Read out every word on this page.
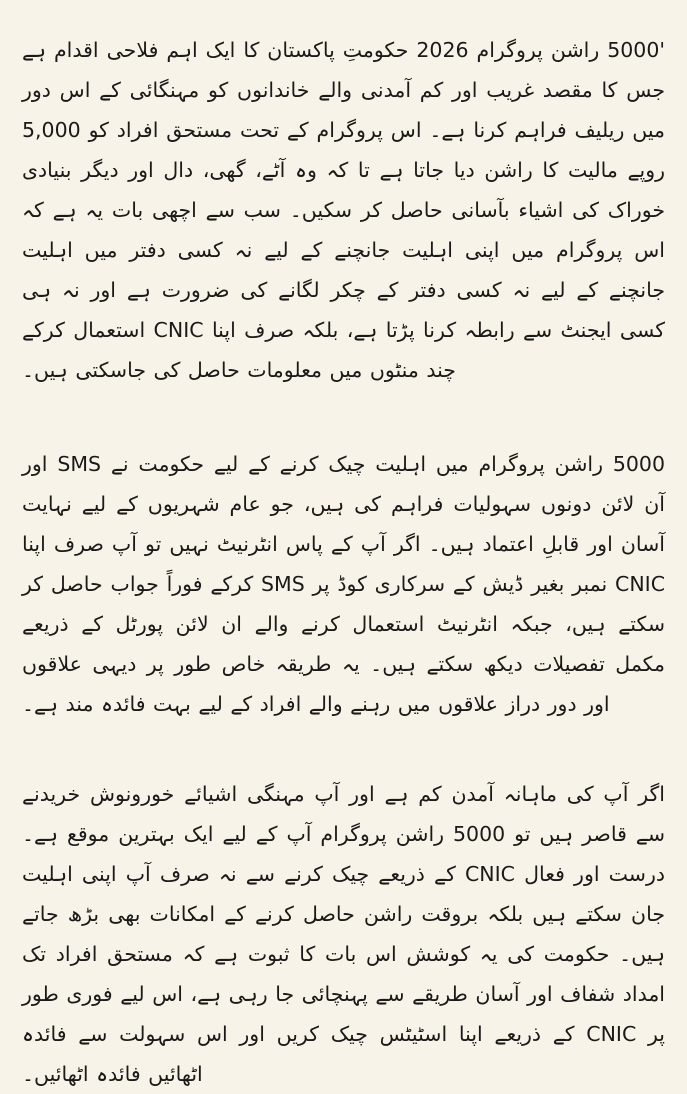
'5000 راشن پروگرام 2026 حکومتِ پاکستان کا ایک اہم فلاحی اقدام ہے جس کا مقصد غریب اور کم آمدنی والے خاندانوں کو مہنگائی کے اس دور میں ریلیف فراہم کرنا ہے۔ اس پروگرام کے تحت مستحق افراد کو 5,000 روپے مالیت کا راشن دیا جاتا ہے تا کہ وہ آٹے، گھی، دال اور دیگر بنیادی خوراک کی اشیاء بآسانی حاصل کر سکیں۔ سب سے اچھی بات یہ ہے کہ اس پروگرام میں اپنی اہلیت جانچنے کے لیے نہ کسی دفتر میں اہلیت جانچنے کے لیے نہ کسی دفتر کے چکر لگانے کی ضرورت ہے اور نہ ہی کسی ایجنٹ سے رابطہ کرنا پڑتا ہے، بلکہ صرف اپنا CNIC استعمال کرکے چند منٹوں میں معلومات حاصل کی جاسکتی ہیں۔

5000 راشن پروگرام میں اہلیت چیک کرنے کے لیے حکومت نے SMS اور آن لائن دونوں سہولیات فراہم کی ہیں، جو عام شہریوں کے لیے نہایت آسان اور قابلِ اعتماد ہیں۔ اگر آپ کے پاس انٹرنیٹ نہیں تو آپ صرف اپنا CNIC نمبر بغیر ڈیش کے سرکاری کوڈ پر SMS کرکے فوراً جواب حاصل کر سکتے ہیں، جبکہ انٹرنیٹ استعمال کرنے والے ان لائن پورٹل کے ذریعے مکمل تفصیلات دیکھ سکتے ہیں۔ یہ طریقہ خاص طور پر دیہی علاقوں اور دور دراز علاقوں میں رہنے والے افراد کے لیے بہت فائدہ مند ہے۔

اگر آپ کی ماہانہ آمدن کم ہے اور آپ مہنگی اشیائے خورونوش خریدنے سے قاصر ہیں تو 5000 راشن پروگرام آپ کے لیے ایک بہترین موقع ہے۔ درست اور فعال CNIC کے ذریعے چیک کرنے سے نہ صرف آپ اپنی اہلیت جان سکتے ہیں بلکہ بروقت راشن حاصل کرنے کے امکانات بھی بڑھ جاتے ہیں۔ حکومت کی یہ کوشش اس بات کا ثبوت ہے کہ مستحق افراد تک امداد شفاف اور آسان طریقے سے پہنچائی جا رہی ہے، اس لیے فوری طور پر CNIC کے ذریعے اپنا اسٹیٹس چیک کریں اور اس سہولت سے فائدہ اٹھائیں فائدہ اٹھائیں۔
